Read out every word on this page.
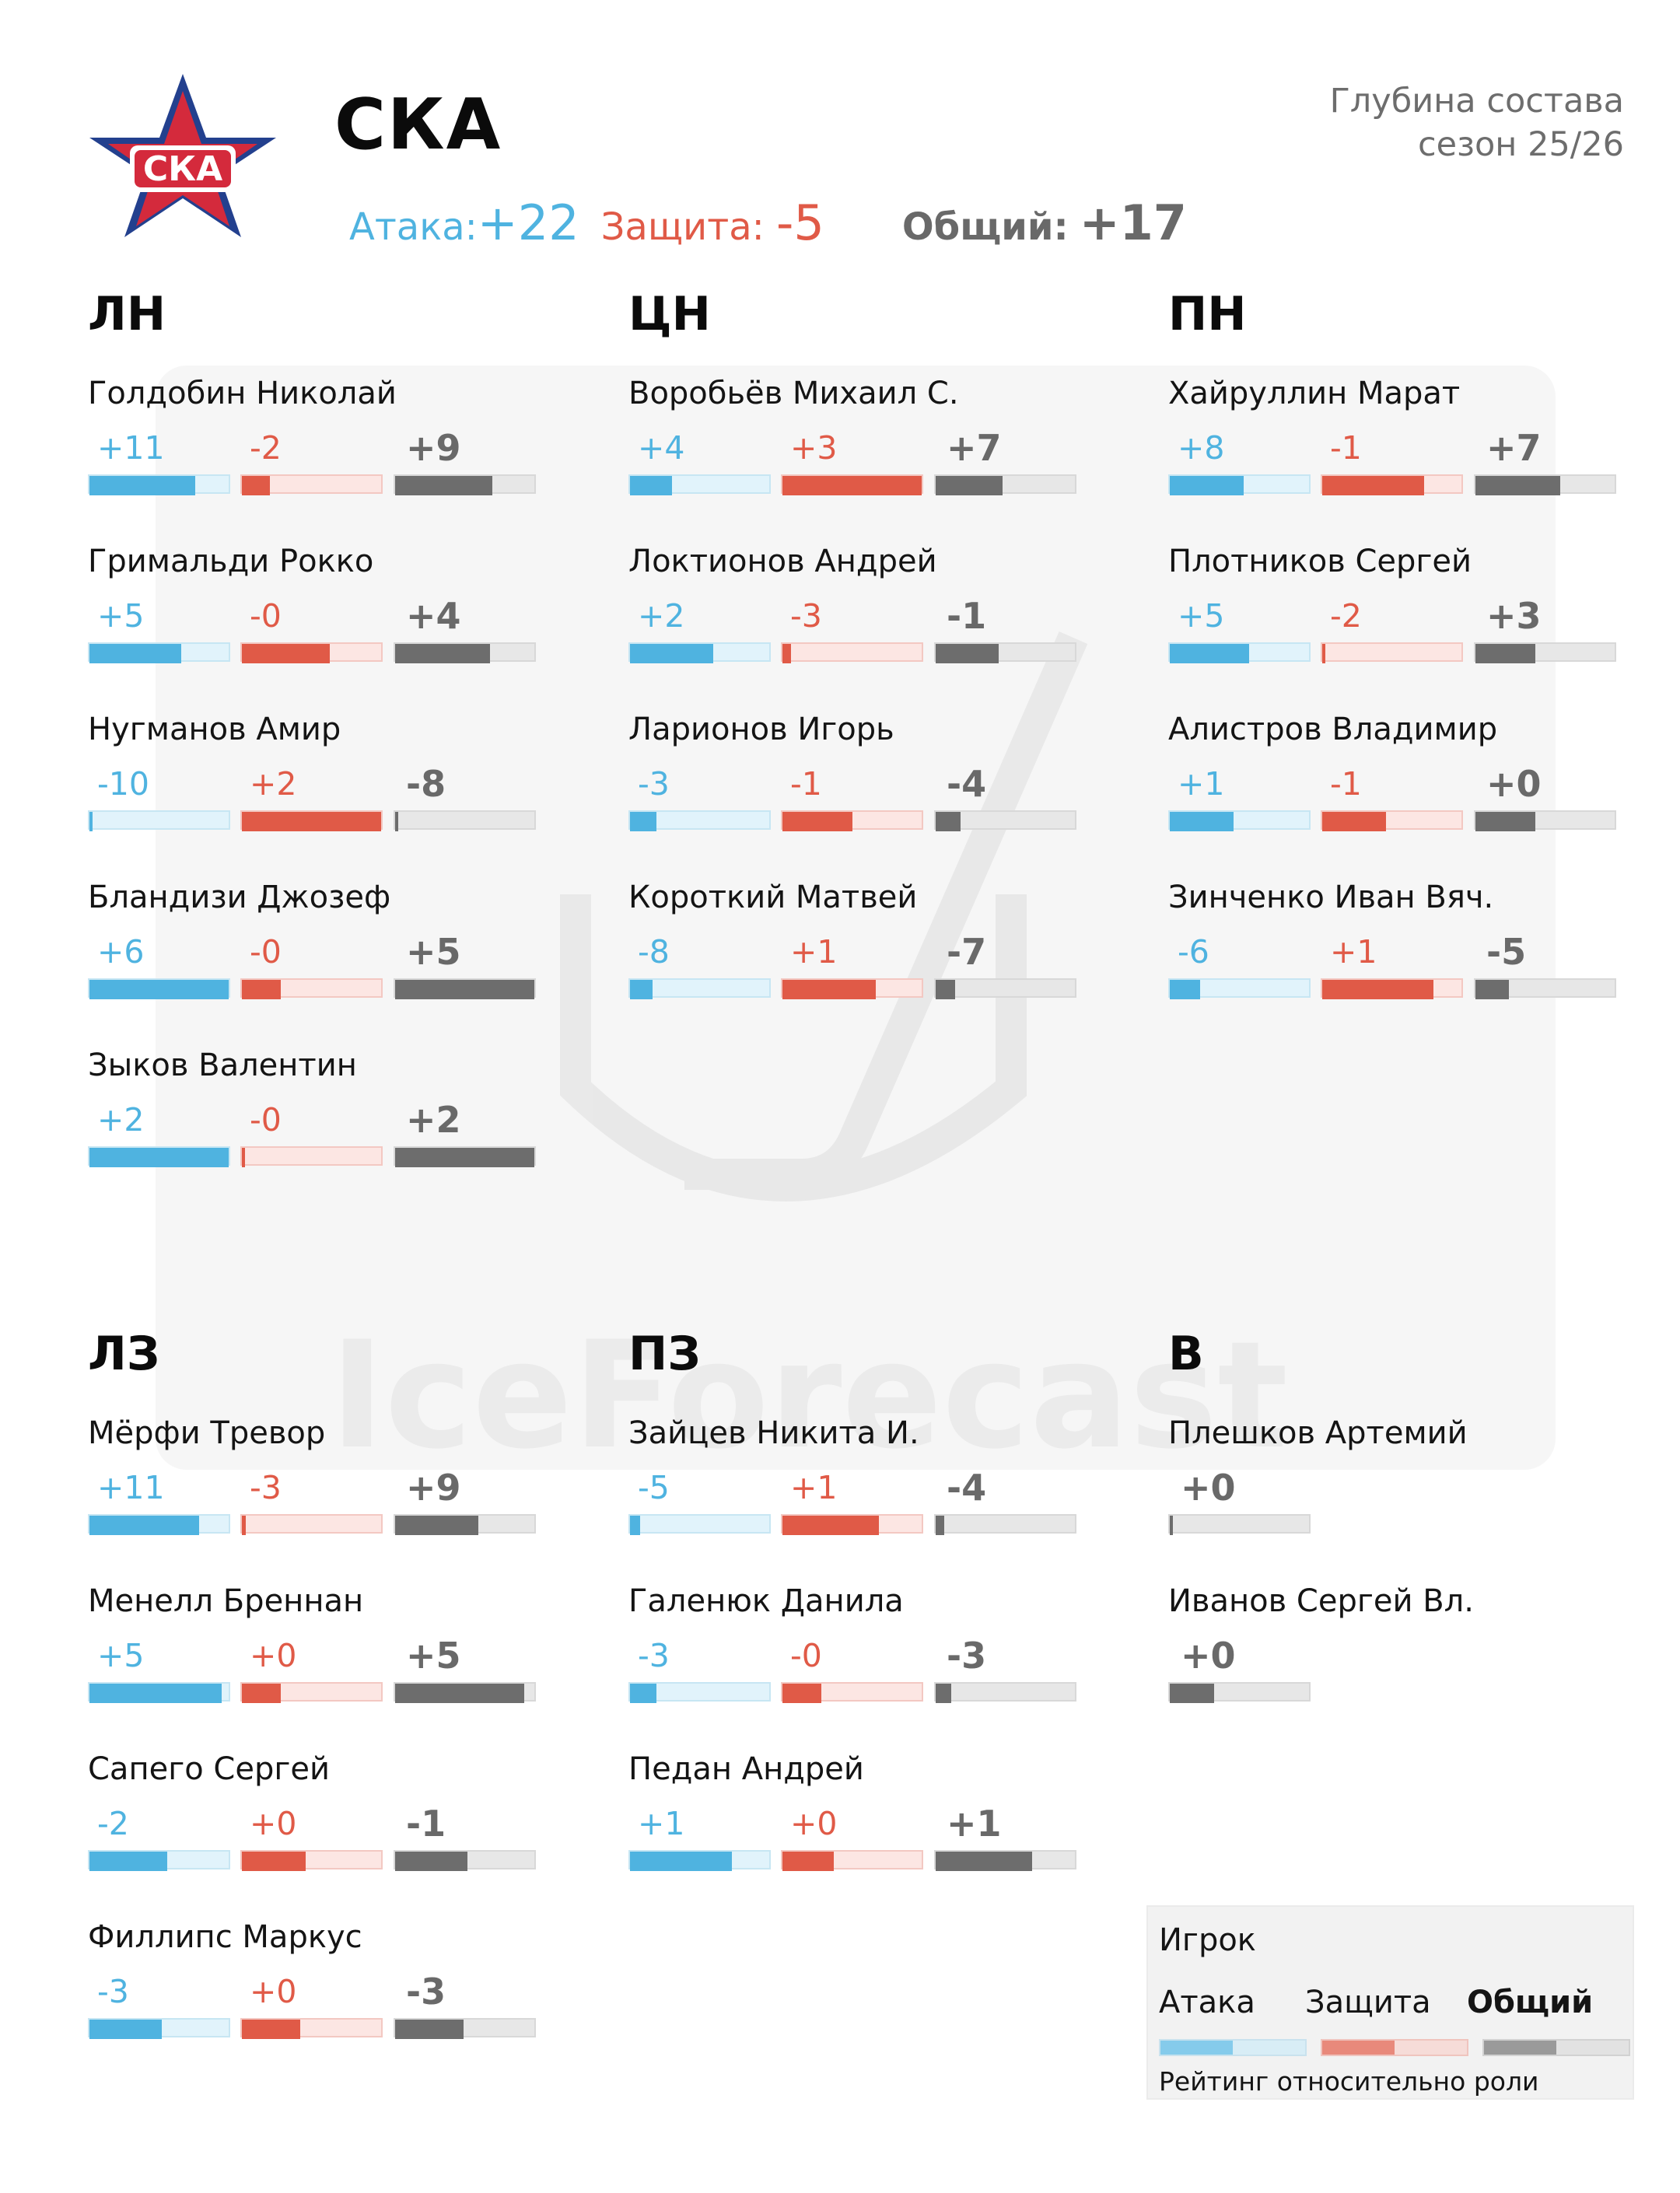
СКА
СКА	Глубина состава
сезон 25/26
Атака:+22 Защита: -5 Общий: +17
ЛН
Голдобин Николай
+11	-2	+9
Гримальди Рокко
+5	-0	+4
Нугманов Амир
-10	+2	-8
Бландизи Джозеф
+6	-0	+5
Зыков Валентин
+2	-0	+2
ЦН
Воробьёв Михаил С.
+4	+3	+7
Локтионов Андрей
+2	-3	-1
Ларионов Игорь
-3	-1	-4
Короткий Матвей
-8	+1	-7
ПН
Хайруллин Марат
+8	-1	+7
Плотников Сергей
+5	-2	+3
Алистров Владимир
+1	-1	+0
Зинченко Иван Вяч.
-6	+1	-5
ЛЗ
Мёрфи Тревор
+11	-3	+9
Менелл Бреннан
+5	+0	+5
Сапего Сергей
-2	+0	-1
Филлипс Маркус
-3	+0	-3
ПЗ
Зайцев Никита И.
-5	+1	-4
Галенюк Данила
-3	-0	-3
Педан Андрей
+1	+0	+1
В
Плешков Артемий
+0
Иванов Сергей Вл.
+0
Игрок
Атака Защита Общий
Рейтинг относительно роли
